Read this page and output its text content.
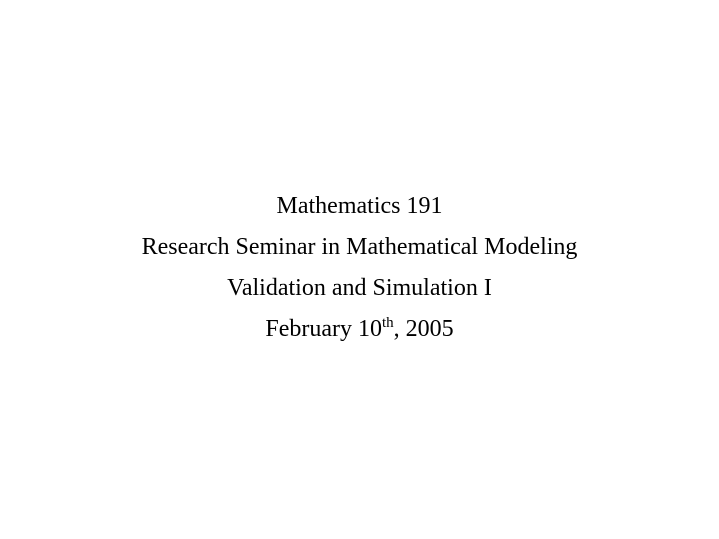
Mathematics 191
Research Seminar in Mathematical Modeling
Validation and Simulation I
February 10th, 2005
